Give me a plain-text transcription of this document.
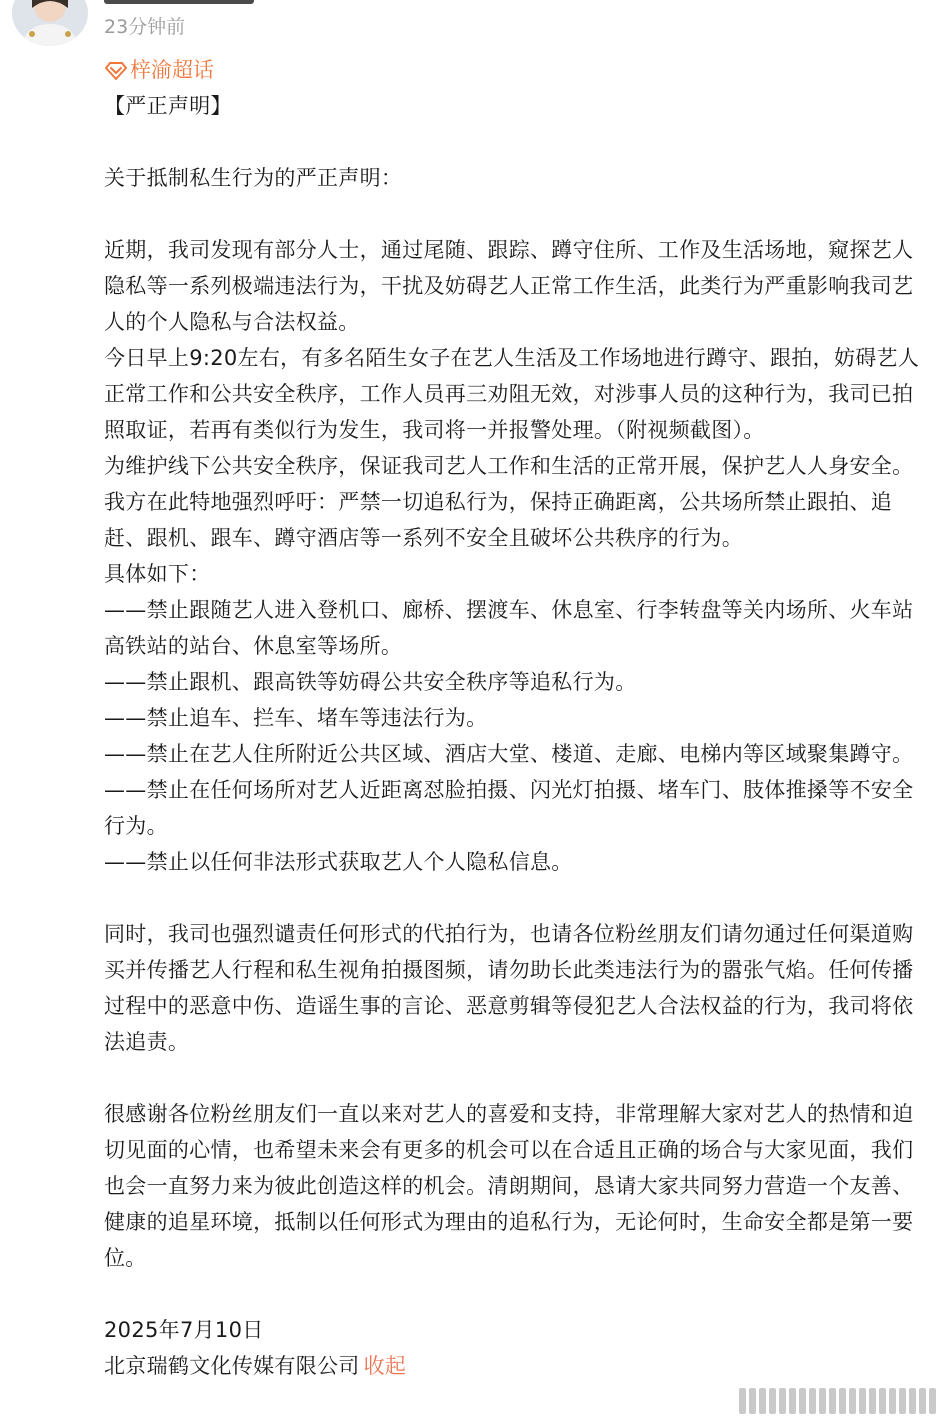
23分钟前
梓渝超话

【严正声明】

关于抵制私生行为的严正声明：

近期，我司发现有部分人士，通过尾随、跟踪、蹲守住所、工作及生活场地，窥探艺人隐私等一系列极端违法行为，干扰及妨碍艺人正常工作生活，此类行为严重影响我司艺人的个人隐私与合法权益。

今日早上9:20左右，有多名陌生女子在艺人生活及工作场地进行蹲守、跟拍，妨碍艺人正常工作和公共安全秩序，工作人员再三劝阻无效，对涉事人员的这种行为，我司已拍照取证，若再有类似行为发生，我司将一并报警处理。（附视频截图）。

为维护线下公共安全秩序，保证我司艺人工作和生活的正常开展，保护艺人人身安全。我方在此特地强烈呼吁：严禁一切追私行为，保持正确距离，公共场所禁止跟拍、追赶、跟机、跟车、蹲守酒店等一系列不安全且破坏公共秩序的行为。

具体如下：

——禁止跟随艺人进入登机口、廊桥、摆渡车、休息室、行李转盘等关内场所、火车站高铁站的站台、休息室等场所。

——禁止跟机、跟高铁等妨碍公共安全秩序等追私行为。

——禁止追车、拦车、堵车等违法行为。

——禁止在艺人住所附近公共区域、酒店大堂、楼道、走廊、电梯内等区域聚集蹲守。

——禁止在任何场所对艺人近距离怼脸拍摄、闪光灯拍摄、堵车门、肢体推搡等不安全行为。

——禁止以任何非法形式获取艺人个人隐私信息。

同时，我司也强烈谴责任何形式的代拍行为，也请各位粉丝朋友们请勿通过任何渠道购买并传播艺人行程和私生视角拍摄图频，请勿助长此类违法行为的嚣张气焰。任何传播过程中的恶意中伤、造谣生事的言论、恶意剪辑等侵犯艺人合法权益的行为，我司将依法追责。

很感谢各位粉丝朋友们一直以来对艺人的喜爱和支持，非常理解大家对艺人的热情和迫切见面的心情，也希望未来会有更多的机会可以在合适且正确的场合与大家见面，我们也会一直努力来为彼此创造这样的机会。清朗期间，恳请大家共同努力营造一个友善、健康的追星环境，抵制以任何形式为理由的追私行为，无论何时，生命安全都是第一要位。

2025年7月10日

北京瑞鹤文化传媒有限公司 收起
